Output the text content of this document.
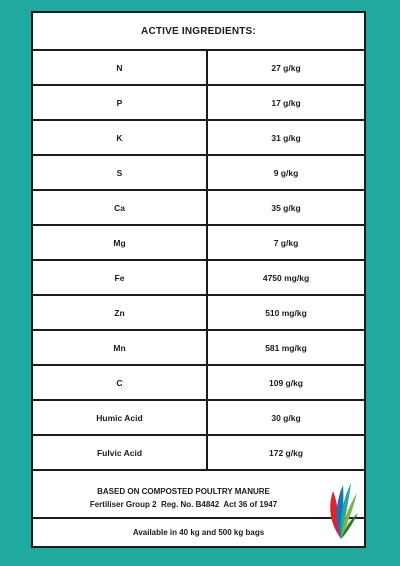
ACTIVE INGREDIENTS:
N	27 g/kg
P	17 g/kg
K	31 g/kg
S	9 g/kg
Ca	35 g/kg
Mg	7 g/kg
Fe	4750 mg/kg
Zn	510 mg/kg
Mn	581 mg/kg
C	109 g/kg
Humic Acid	30 g/kg
Fulvic Acid	172 g/kg
BASED ON COMPOSTED POULTRY MANURE
Fertiliser Group 2  Reg. No. B4842  Act 36 of 1947
Available in 40 kg and 500 kg bags
